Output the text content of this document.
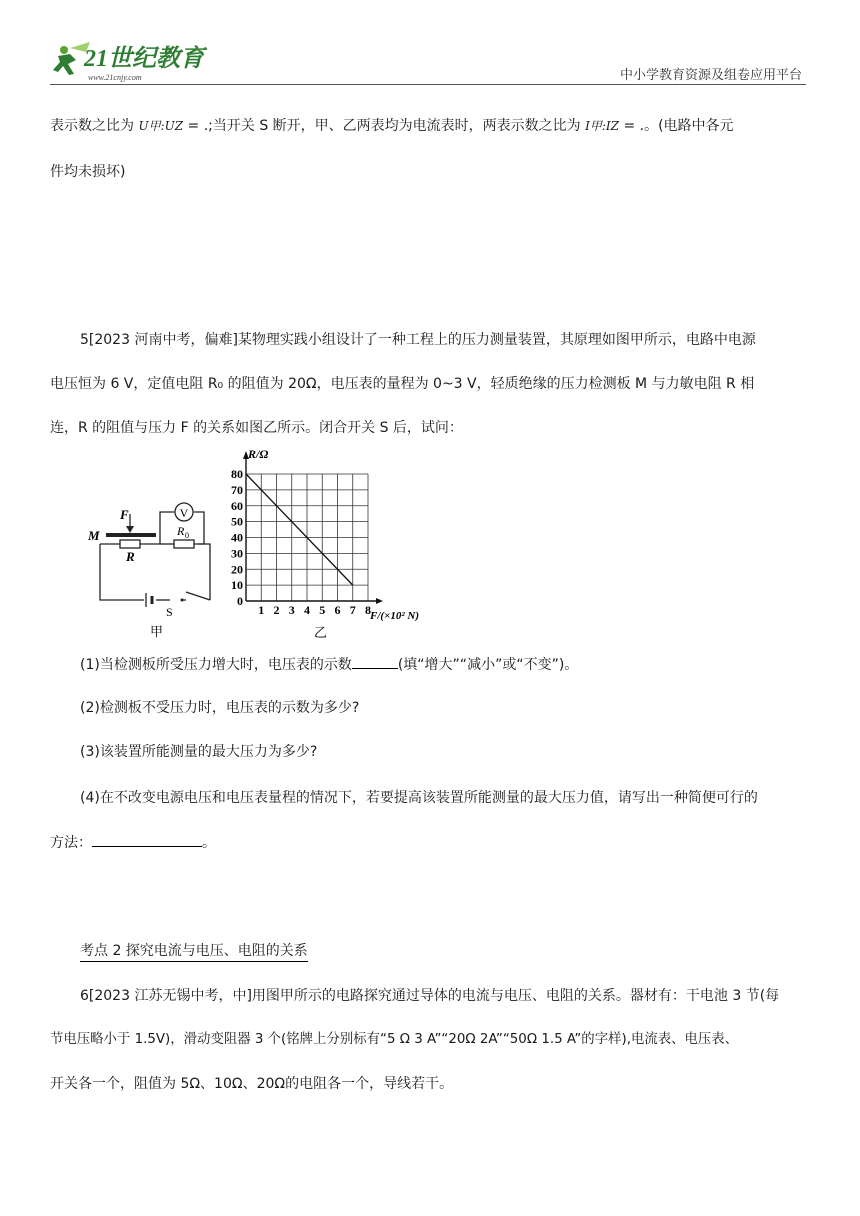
21世纪教育
www.21cnjy.com	中小学教育资源及组卷应用平台
表示数之比为 U甲:UZ = .;当开关 S 断开，甲、乙两表均为电流表时，两表示数之比为 I甲:IZ = .。(电路中各元
件均未损坏)
5[2023 河南中考，偏难]某物理实践小组设计了一种工程上的压力测量装置，其原理如图甲所示，电路中电源
电压恒为 6 V，定值电阻 R₀ 的阻值为 20Ω，电压表的量程为 0~3 V，轻质绝缘的压力检测板 M 与力敏电阻 R 相
连，R 的阻值与压力 F 的关系如图乙所示。闭合开关 S 后，试问：
V
F
M
R
R 0
S
甲
1 2 3 4 5 6 7 8
0
10
20
30
40
50
60
70
80
R/Ω
F/(×10² N)
乙
(1)当检测板所受压力增大时，电压表的示数	(填“增大”“减小”或“不变”)。
(2)检测板不受压力时，电压表的示数为多少?
(3)该装置所能测量的最大压力为多少?
(4)在不改变电源电压和电压表量程的情况下，若要提高该装置所能测量的最大压力值，请写出一种简便可行的
方法：	。
考点 2 探究电流与电压、电阻的关系
6[2023 江苏无锡中考，中]用图甲所示的电路探究通过导体的电流与电压、电阻的关系。器材有：干电池 3 节(每
节电压略小于 1.5V)，滑动变阻器 3 个(铭牌上分别标有“5 Ω 3 A”“20Ω 2A”“50Ω 1.5 A”的字样),电流表、电压表、
开关各一个，阻值为 5Ω、10Ω、20Ω的电阻各一个，导线若干。
